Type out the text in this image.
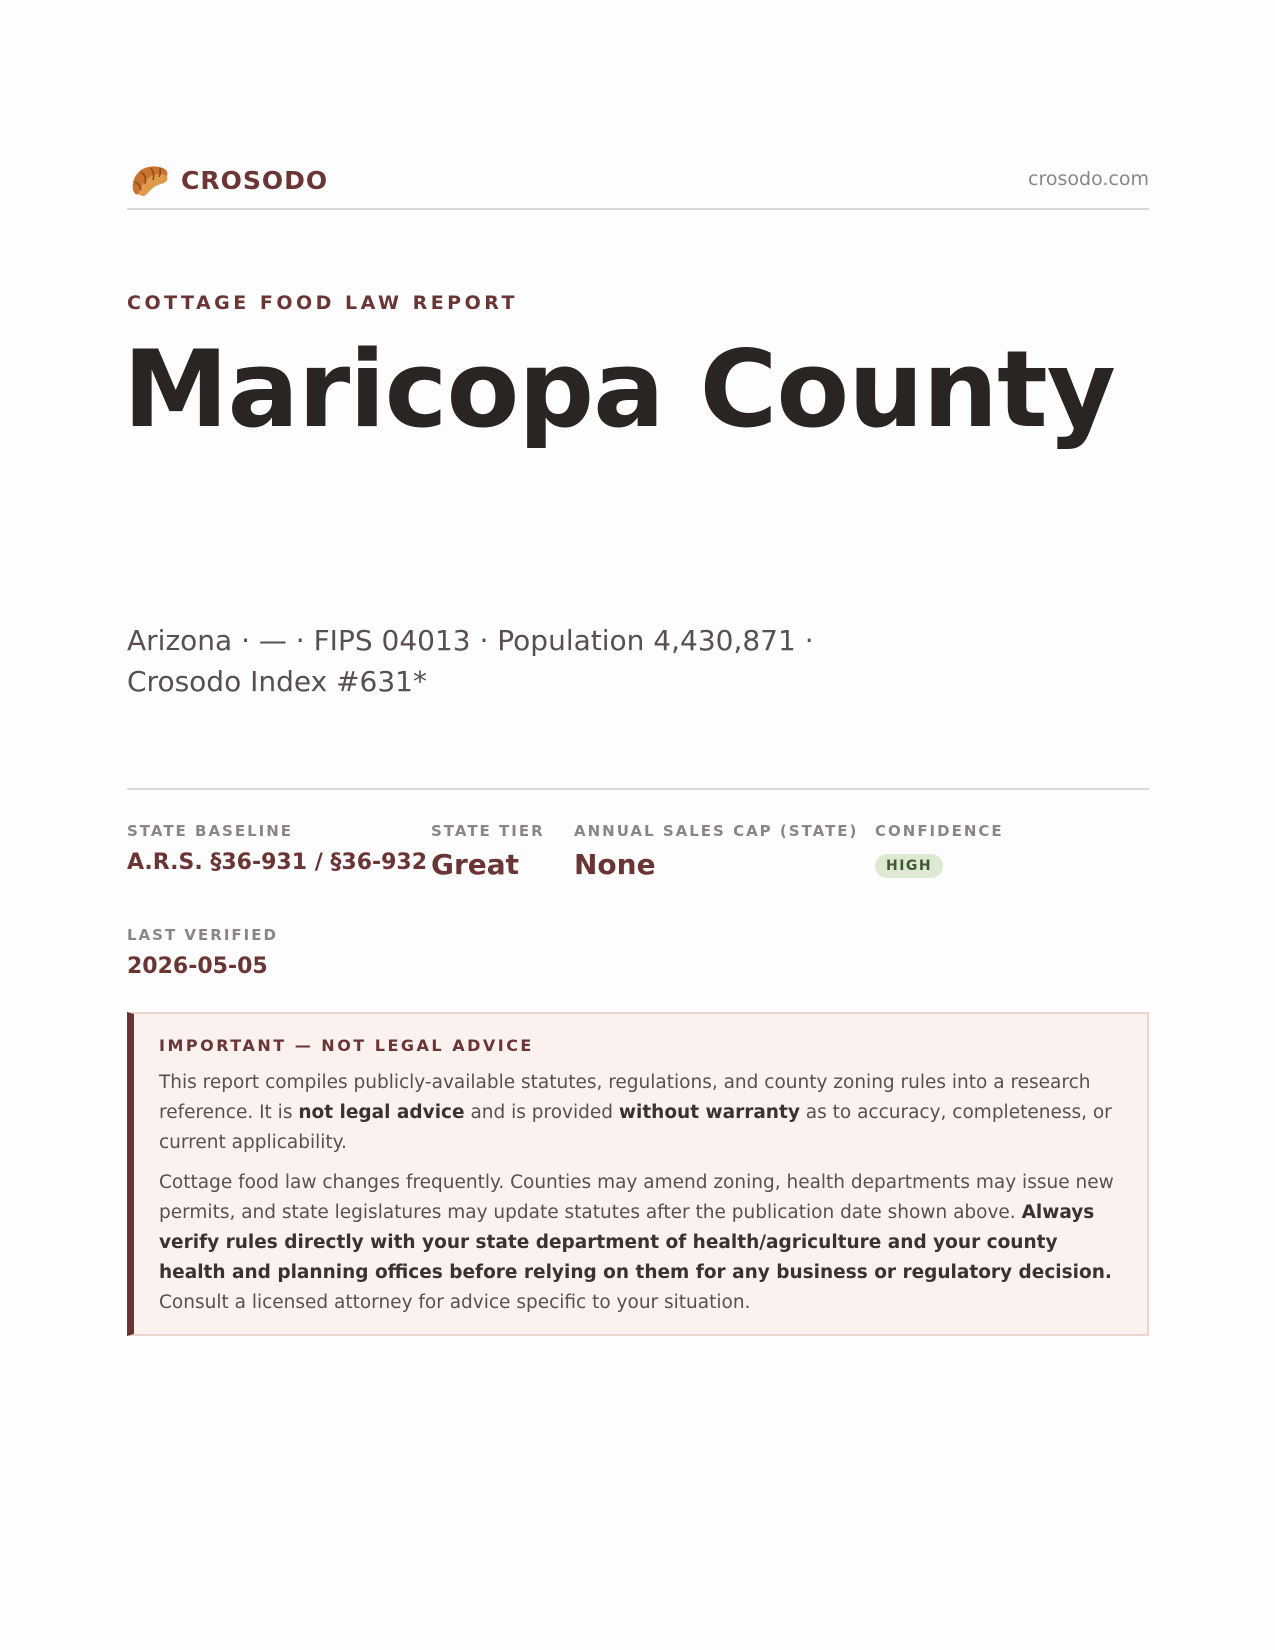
CROSODO	crosodo.com
COTTAGE FOOD LAW REPORT
Maricopa County
Arizona · — · FIPS 04013 · Population 4,430,871 · Crosodo Index #631*
STATE BASELINE
A.R.S. §36-931 / §36-932
STATE TIER
Great
ANNUAL SALES CAP (STATE)
None
CONFIDENCE
HIGH
LAST VERIFIED
2026-05-05
IMPORTANT — NOT LEGAL ADVICE

This report compiles publicly-available statutes, regulations, and county zoning rules into a research reference. It is not legal advice and is provided without warranty as to accuracy, completeness, or current applicability.

Cottage food law changes frequently. Counties may amend zoning, health departments may issue new permits, and state legislatures may update statutes after the publication date shown above. Always verify rules directly with your state department of health/agriculture and your county health and planning offices before relying on them for any business or regulatory decision. Consult a licensed attorney for advice specific to your situation.
